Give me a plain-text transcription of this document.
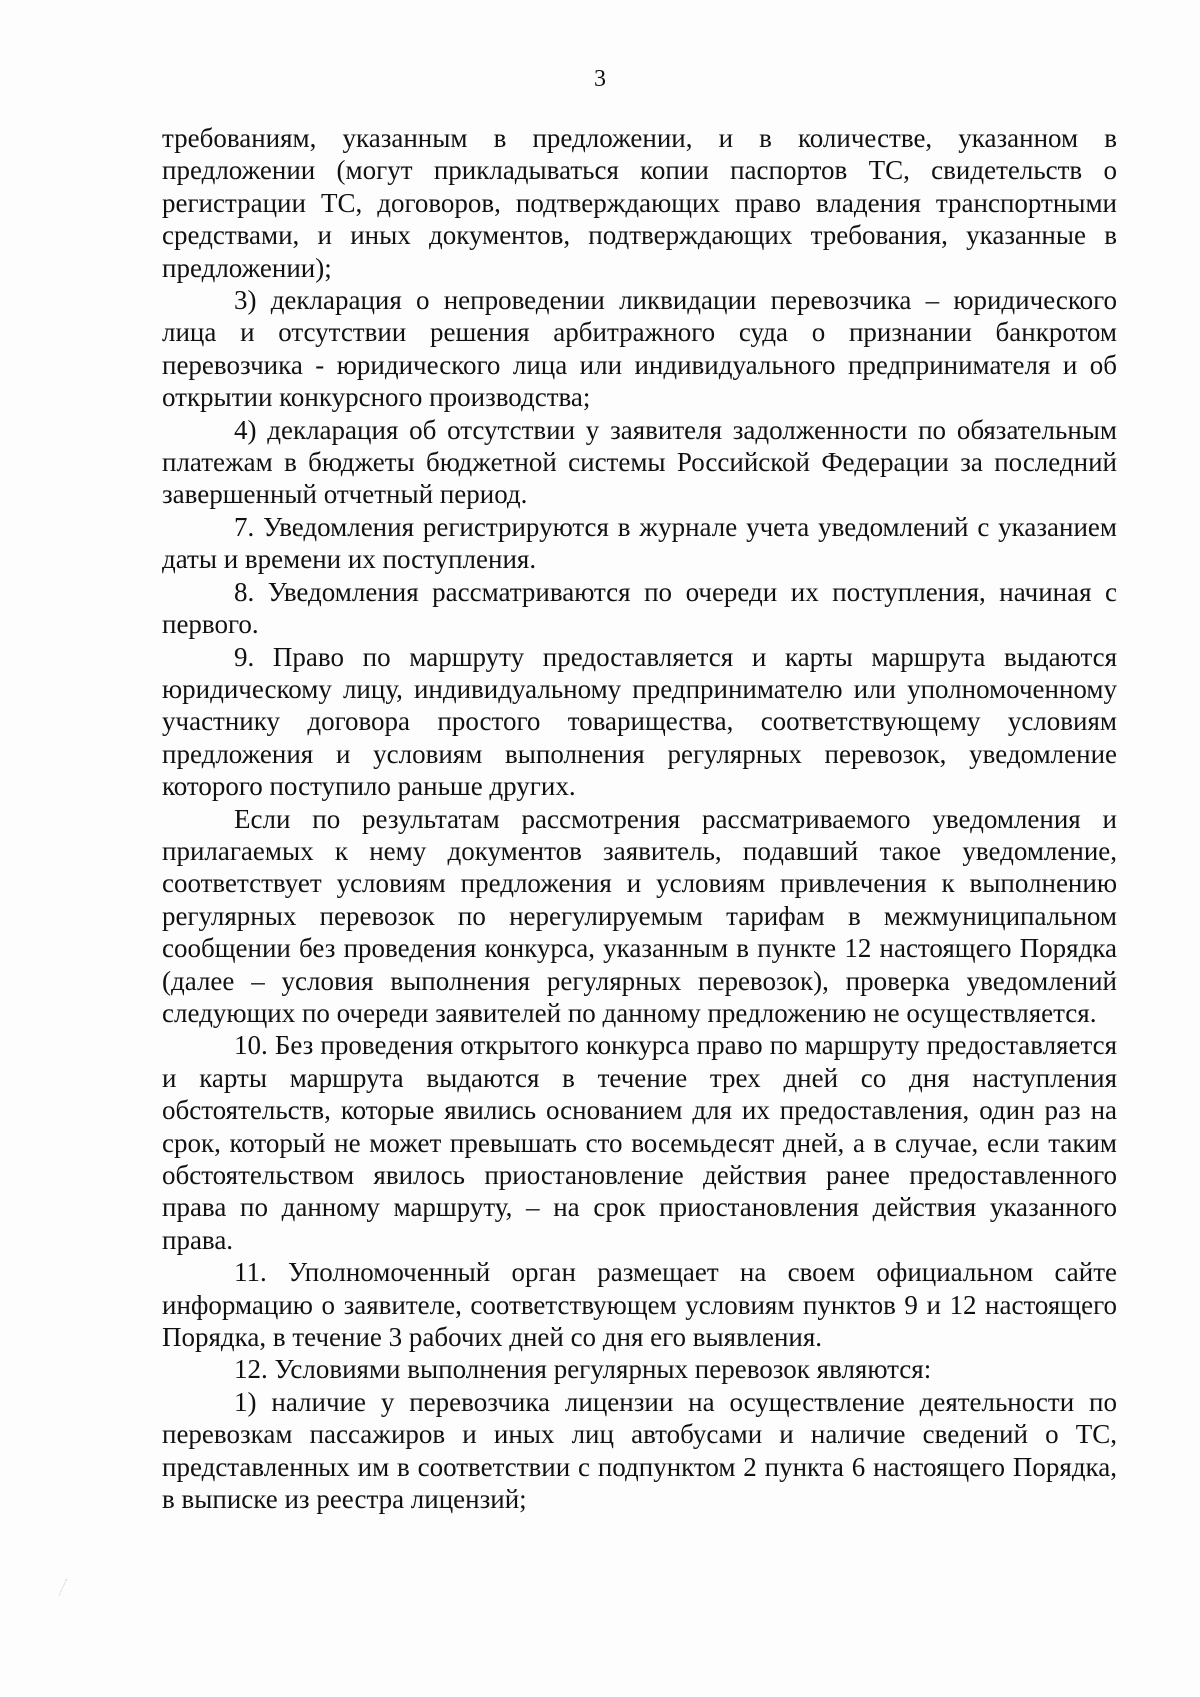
3

требованиям, указанным в предложении, и в количестве, указанном в предложении (могут прикладываться копии паспортов ТС, свидетельств о регистрации ТС, договоров, подтверждающих право владения транспортными средствами, и иных документов, подтверждающих требования, указанные в предложении);

3) декларация о непроведении ликвидации перевозчика – юридического лица и отсутствии решения арбитражного суда о признании банкротом перевозчика - юридического лица или индивидуального предпринимателя и об открытии конкурсного производства;

4) декларация об отсутствии у заявителя задолженности по обязательным платежам в бюджеты бюджетной системы Российской Федерации за последний завершенный отчетный период.

7. Уведомления регистрируются в журнале учета уведомлений с указанием даты и времени их поступления.

8. Уведомления рассматриваются по очереди их поступления, начиная с первого.

9. Право по маршруту предоставляется и карты маршрута выдаются юридическому лицу, индивидуальному предпринимателю или уполномоченному участнику договора простого товарищества, соответствующему условиям предложения и условиям выполнения регулярных перевозок, уведомление которого поступило раньше других.

Если по результатам рассмотрения рассматриваемого уведомления и прилагаемых к нему документов заявитель, подавший такое уведомление, соответствует условиям предложения и условиям привлечения к выполнению регулярных перевозок по нерегулируемым тарифам в межмуниципальном сообщении без проведения конкурса, указанным в пункте 12 настоящего Порядка (далее – условия выполнения регулярных перевозок), проверка уведомлений следующих по очереди заявителей по данному предложению не осуществляется.

10. Без проведения открытого конкурса право по маршруту предоставляется и карты маршрута выдаются в течение трех дней со дня наступления обстоятельств, которые явились основанием для их предоставления, один раз на срок, который не может превышать сто восемьдесят дней, а в случае, если таким обстоятельством явилось приостановление действия ранее предоставленного права по данному маршруту, – на срок приостановления действия указанного права.

11. Уполномоченный орган размещает на своем официальном сайте информацию о заявителе, соответствующем условиям пунктов 9 и 12 настоящего Порядка, в течение 3 рабочих дней со дня его выявления.

12. Условиями выполнения регулярных перевозок являются:

1) наличие у перевозчика лицензии на осуществление деятельности по перевозкам пассажиров и иных лиц автобусами и наличие сведений о ТС, представленных им в соответствии с подпунктом 2 пункта 6 настоящего Порядка, в выписке из реестра лицензий;
